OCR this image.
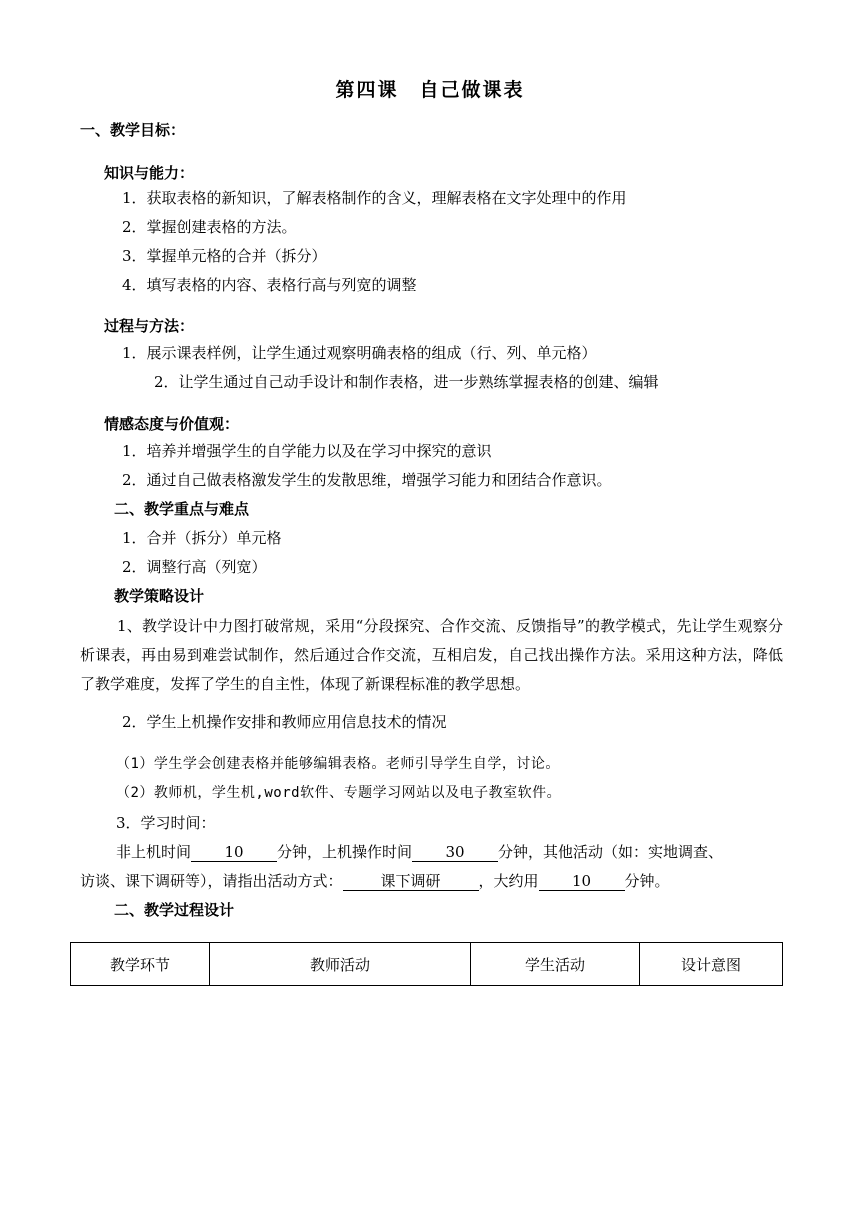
第四课　自己做课表
一、教学目标：
知识与能力：
1．获取表格的新知识，了解表格制作的含义，理解表格在文字处理中的作用
2．掌握创建表格的方法。
3．掌握单元格的合并（拆分）
4．填写表格的内容、表格行高与列宽的调整
过程与方法：
1．展示课表样例，让学生通过观察明确表格的组成（行、列、单元格）
2．让学生通过自己动手设计和制作表格，进一步熟练掌握表格的创建、编辑
情感态度与价值观：
1．培养并增强学生的自学能力以及在学习中探究的意识
2．通过自己做表格激发学生的发散思维，增强学习能力和团结合作意识。
二、教学重点与难点
1．合并（拆分）单元格
2．调整行高（列宽）
教学策略设计
1、教学设计中力图打破常规，采用“分段探究、合作交流、反馈指导”的教学模式，先让学生观察分析课表，再由易到难尝试制作，然后通过合作交流，互相启发，自己找出操作方法。采用这种方法，降低了教学难度，发挥了学生的自主性，体现了新课程标准的教学思想。
2．学生上机操作安排和教师应用信息技术的情况
（1）学生学会创建表格并能够编辑表格。老师引导学生自学，讨论。
（2）教师机，学生机,word软件、专题学习网站以及电子教室软件。
3．学习时间：
非上机时间 10 分钟，上机操作时间 30 分钟，其他活动（如：实地调查、
访谈、课下调研等），请指出活动方式：	课下调研	，大约用 10 分钟。
二、教学过程设计
教学环节	教师活动	学生活动	设计意图
